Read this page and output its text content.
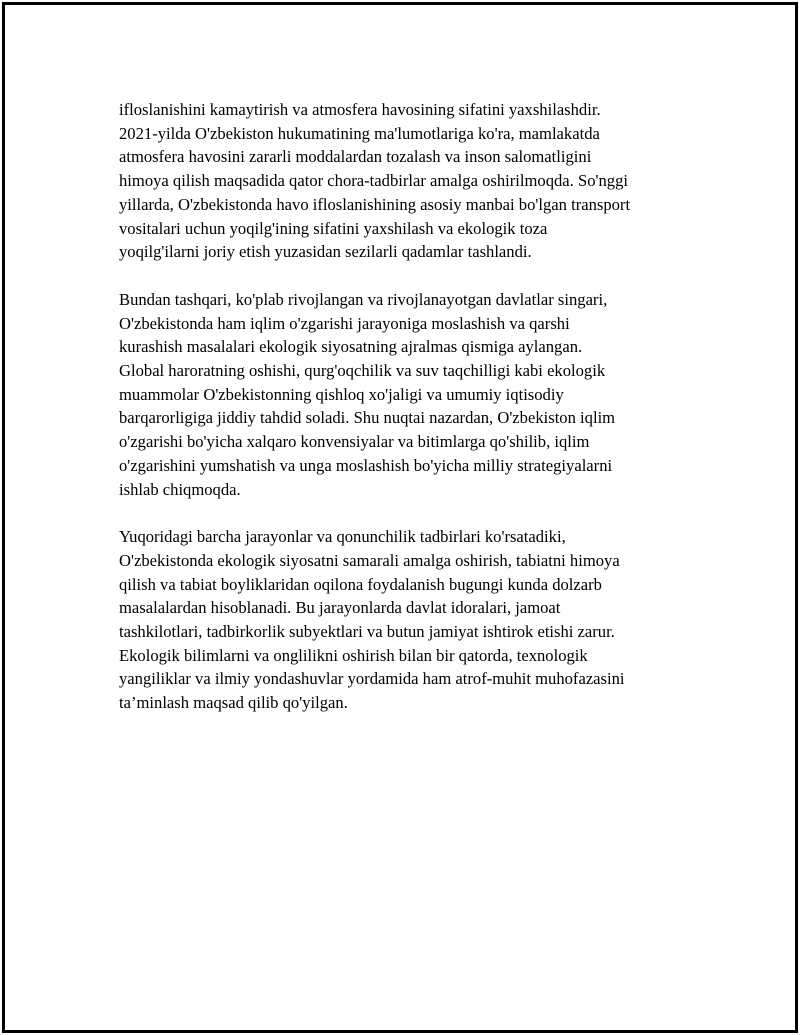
ifloslanishini kamaytirish va atmosfera havosining sifatini yaxshilashdir.
2021-yilda O'zbekiston hukumatining ma'lumotlariga ko'ra, mamlakatda
atmosfera havosini zararli moddalardan tozalash va inson salomatligini
himoya qilish maqsadida qator chora-tadbirlar amalga oshirilmoqda. So'nggi
yillarda, O'zbekistonda havo ifloslanishining asosiy manbai bo'lgan transport
vositalari uchun yoqilg'ining sifatini yaxshilash va ekologik toza
yoqilg'ilarni joriy etish yuzasidan sezilarli qadamlar tashlandi.

Bundan tashqari, ko'plab rivojlangan va rivojlanayotgan davlatlar singari,
O'zbekistonda ham iqlim o'zgarishi jarayoniga moslashish va qarshi
kurashish masalalari ekologik siyosatning ajralmas qismiga aylangan.
Global haroratning oshishi, qurg'oqchilik va suv taqchilligi kabi ekologik
muammolar O'zbekistonning qishloq xo'jaligi va umumiy iqtisodiy
barqarorligiga jiddiy tahdid soladi. Shu nuqtai nazardan, O'zbekiston iqlim
o'zgarishi bo'yicha xalqaro konvensiyalar va bitimlarga qo'shilib, iqlim
o'zgarishini yumshatish va unga moslashish bo'yicha milliy strategiyalarni
ishlab chiqmoqda.

Yuqoridagi barcha jarayonlar va qonunchilik tadbirlari ko'rsatadiki,
O'zbekistonda ekologik siyosatni samarali amalga oshirish, tabiatni himoya
qilish va tabiat boyliklaridan oqilona foydalanish bugungi kunda dolzarb
masalalardan hisoblanadi. Bu jarayonlarda davlat idoralari, jamoat
tashkilotlari, tadbirkorlik subyektlari va butun jamiyat ishtirok etishi zarur.
Ekologik bilimlarni va onglilikni oshirish bilan bir qatorda, texnologik
yangiliklar va ilmiy yondashuvlar yordamida ham atrof-muhit muhofazasini
ta’minlash maqsad qilib qo'yilgan.
